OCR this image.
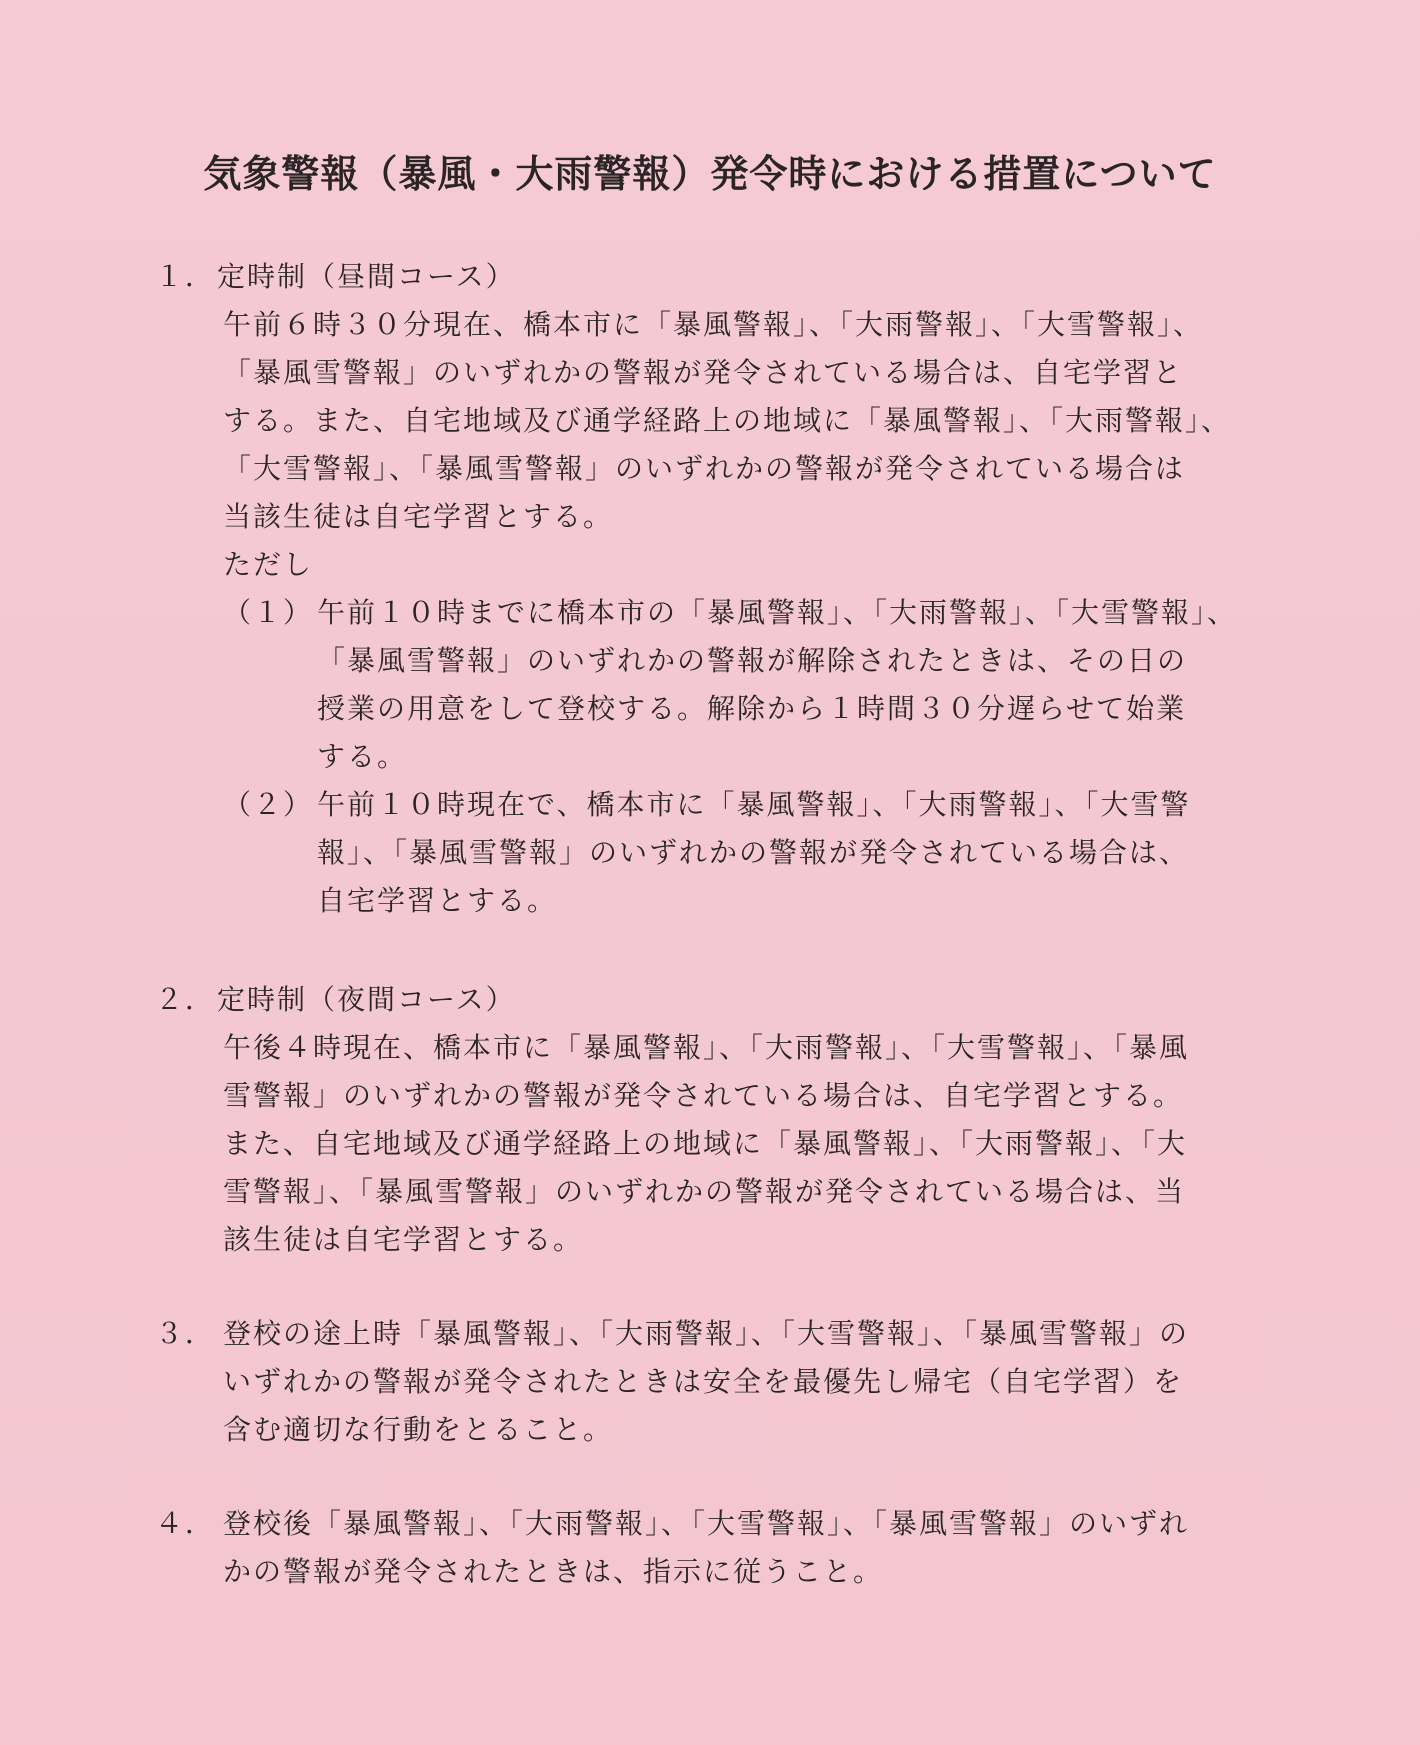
気象警報（暴風・大雨警報）発令時における措置について
１． 定時制（昼間コース）
午前６時３０分現在、橋本市に「暴風警報」、「大雨警報」、「大雪警報」、
「暴風雪警報」のいずれかの警報が発令されている場合は、自宅学習と
する。また、自宅地域及び通学経路上の地域に「暴風警報」、「大雨警報」、
「大雪警報」、「暴風雪警報」のいずれかの警報が発令されている場合は
当該生徒は自宅学習とする。
ただし
（１） 午前１０時までに橋本市の「暴風警報」、「大雨警報」、「大雪警報」、
「暴風雪警報」のいずれかの警報が解除されたときは、その日の
授業の用意をして登校する。解除から１時間３０分遅らせて始業
する。
（２） 午前１０時現在で、橋本市に「暴風警報」、「大雨警報」、「大雪警
報」、「暴風雪警報」のいずれかの警報が発令されている場合は、
自宅学習とする。
２． 定時制（夜間コース）
午後４時現在、橋本市に「暴風警報」、「大雨警報」、「大雪警報」、「暴風
雪警報」のいずれかの警報が発令されている場合は、自宅学習とする。
また、自宅地域及び通学経路上の地域に「暴風警報」、「大雨警報」、「大
雪警報」、「暴風雪警報」のいずれかの警報が発令されている場合は、当
該生徒は自宅学習とする。
３． 登校の途上時「暴風警報」、「大雨警報」、「大雪警報」、「暴風雪警報」の
いずれかの警報が発令されたときは安全を最優先し帰宅（自宅学習）を
含む適切な行動をとること。
４． 登校後「暴風警報」、「大雨警報」、「大雪警報」、「暴風雪警報」のいずれ
かの警報が発令されたときは、指示に従うこと。
